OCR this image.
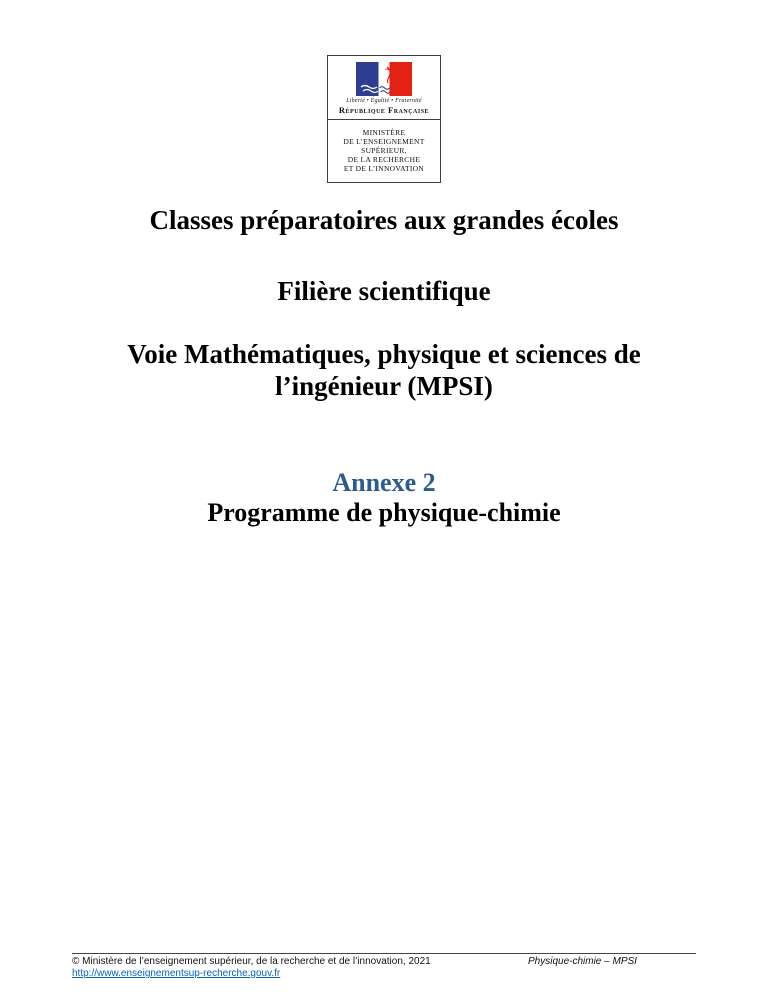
Liberté • Égalité • Fraternité
République Française
MINISTÈRE
DE L’ENSEIGNEMENT
SUPÉRIEUR,
DE LA RECHERCHE
ET DE L’INNOVATION
Classes préparatoires aux grandes écoles
Filière scientifique
Voie Mathématiques, physique et sciences de
l’ingénieur (MPSI)
Annexe 2
Programme de physique-chimie
© Ministère de l’enseignement supérieur, de la recherche et de l’innovation, 2021
http://www.enseignementsup-recherche.gouv.fr
Physique-chimie – MPSI
